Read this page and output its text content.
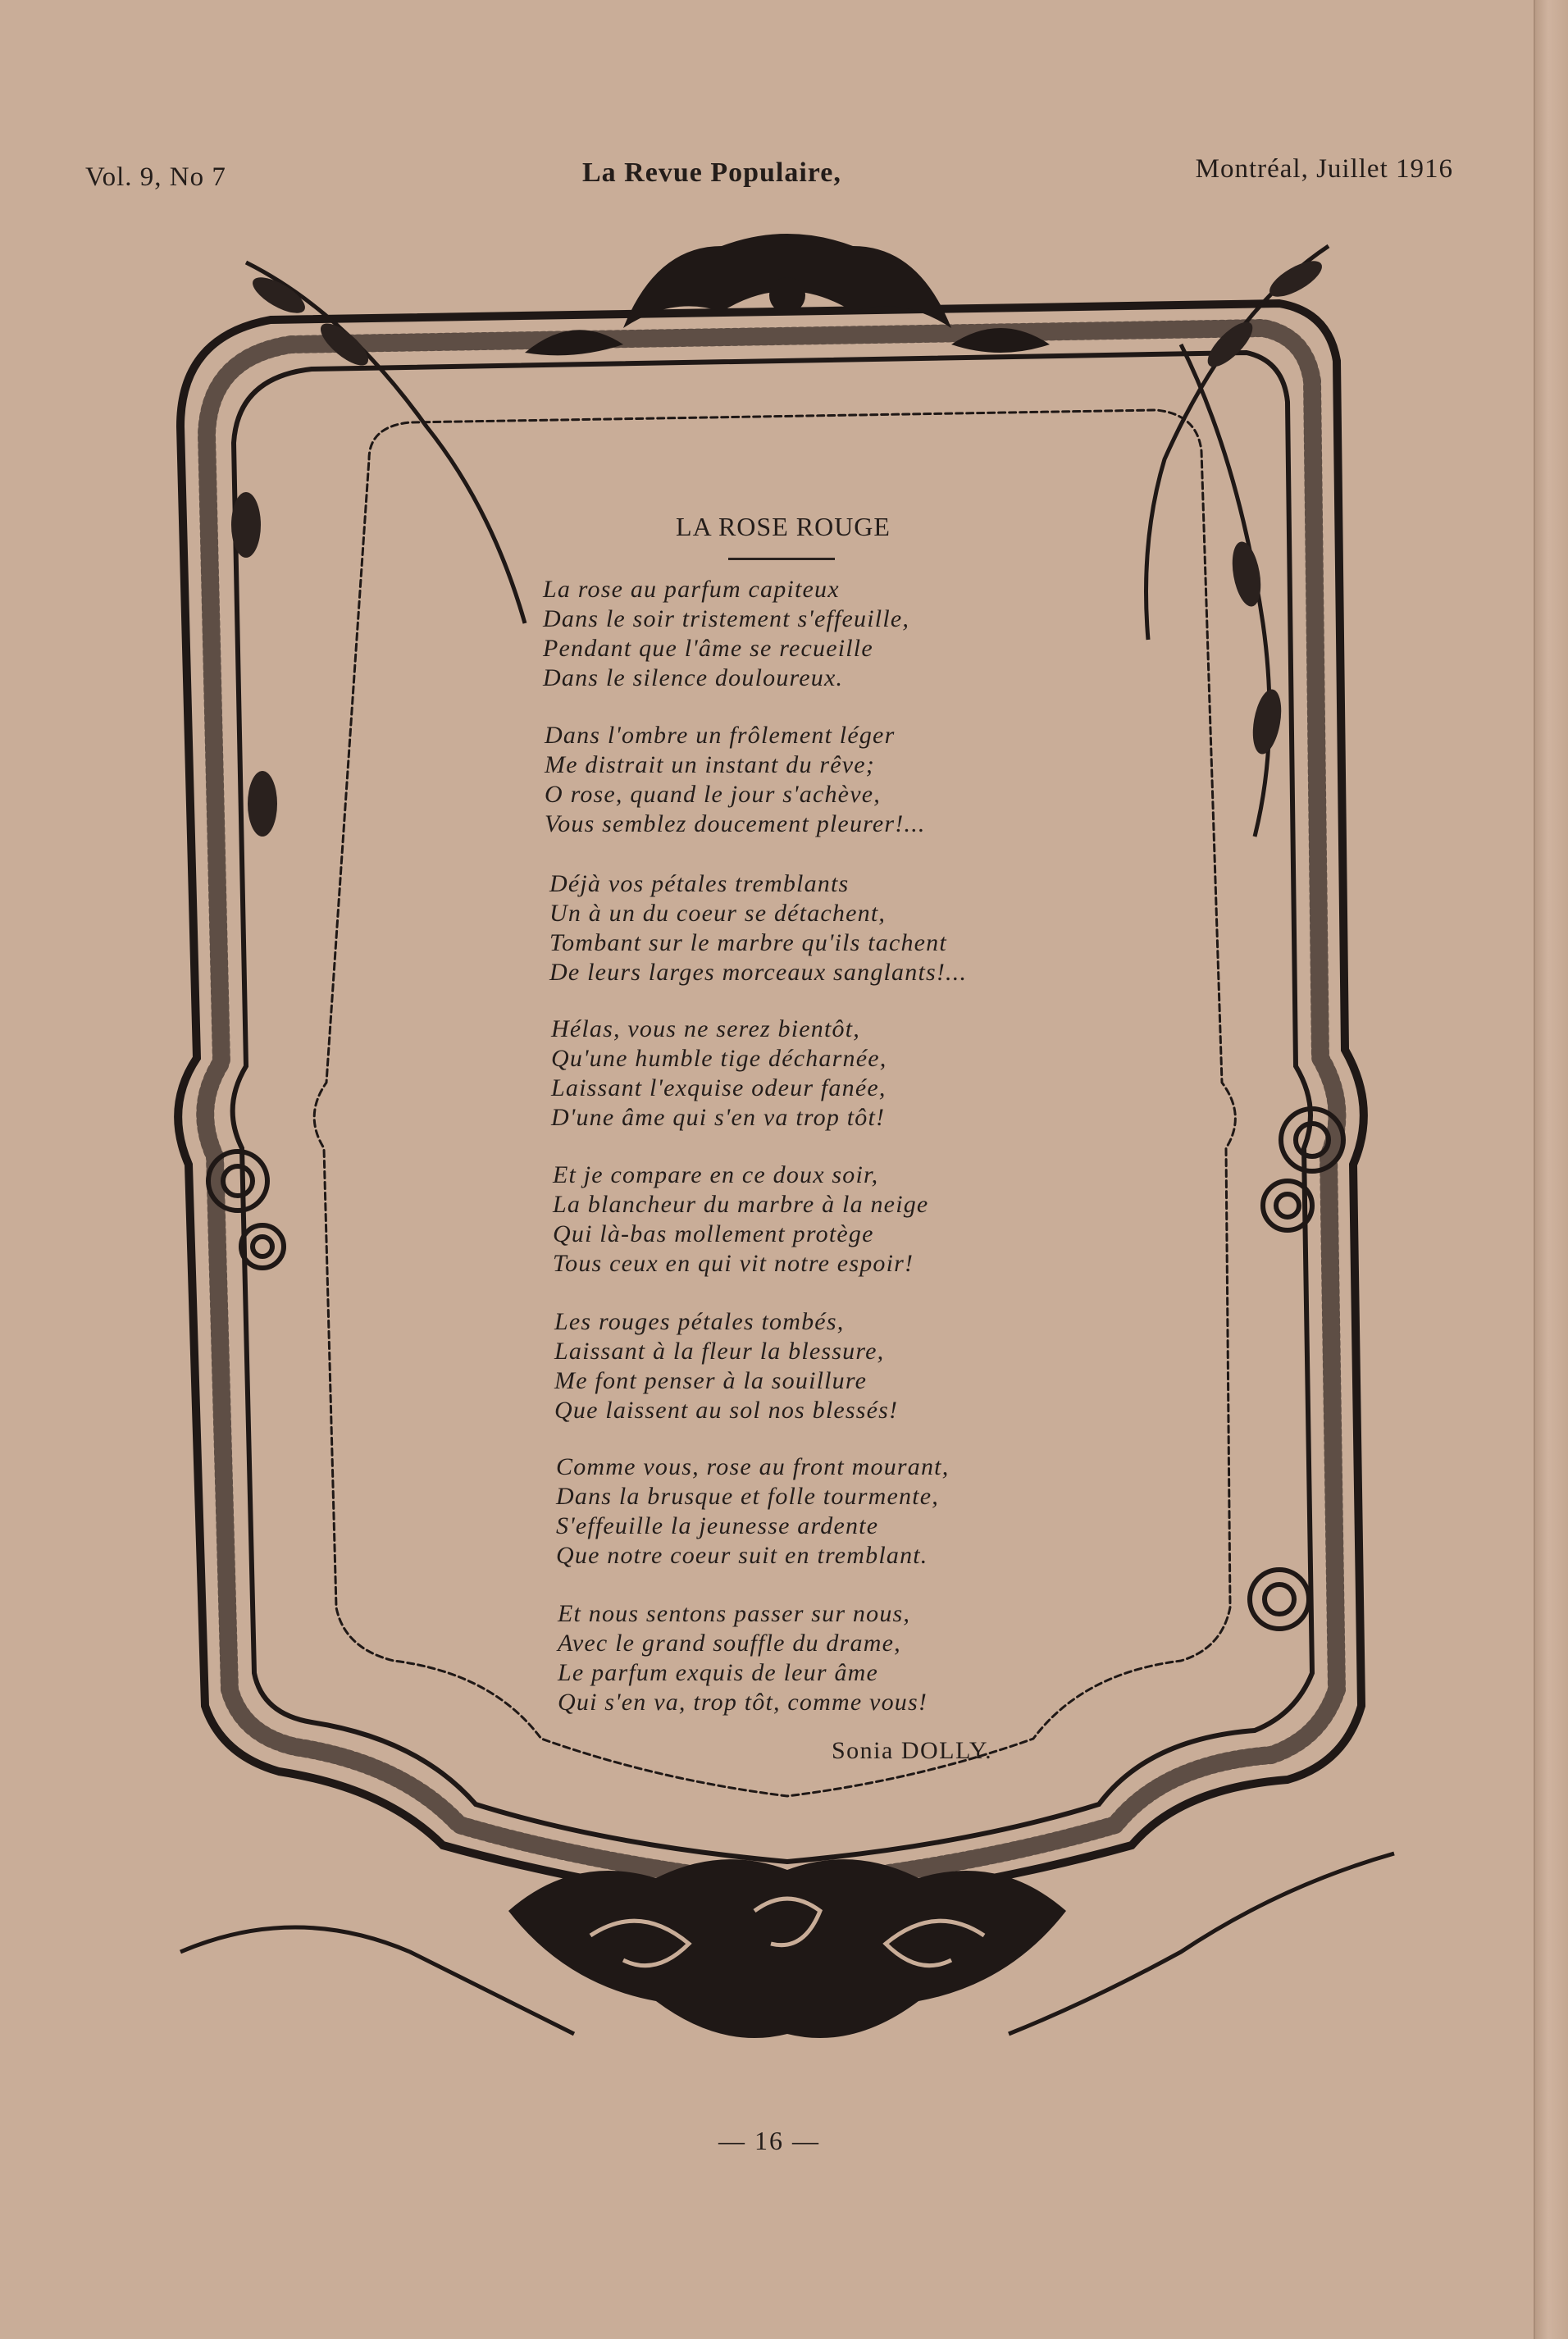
Vol. 9, No 7	La Revue Populaire,	Montréal, Juillet 1916
LA ROSE ROUGE
La rose au parfum capiteux
Dans le soir tristement s'effeuille,
Pendant que l'âme se recueille
Dans le silence douloureux.
Dans l'ombre un frôlement léger
Me distrait un instant du rêve;
O rose, quand le jour s'achève,
Vous semblez doucement pleurer!...
Déjà vos pétales tremblants
Un à un du coeur se détachent,
Tombant sur le marbre qu'ils tachent
De leurs larges morceaux sanglants!...
Hélas, vous ne serez bientôt,
Qu'une humble tige décharnée,
Laissant l'exquise odeur fanée,
D'une âme qui s'en va trop tôt!
Et je compare en ce doux soir,
La blancheur du marbre à la neige
Qui là-bas mollement protège
Tous ceux en qui vit notre espoir!
Les rouges pétales tombés,
Laissant à la fleur la blessure,
Me font penser à la souillure
Que laissent au sol nos blessés!
Comme vous, rose au front mourant,
Dans la brusque et folle tourmente,
S'effeuille la jeunesse ardente
Que notre coeur suit en tremblant.
Et nous sentons passer sur nous,
Avec le grand souffle du drame,
Le parfum exquis de leur âme
Qui s'en va, trop tôt, comme vous!
Sonia DOLLY.
— 16 —
